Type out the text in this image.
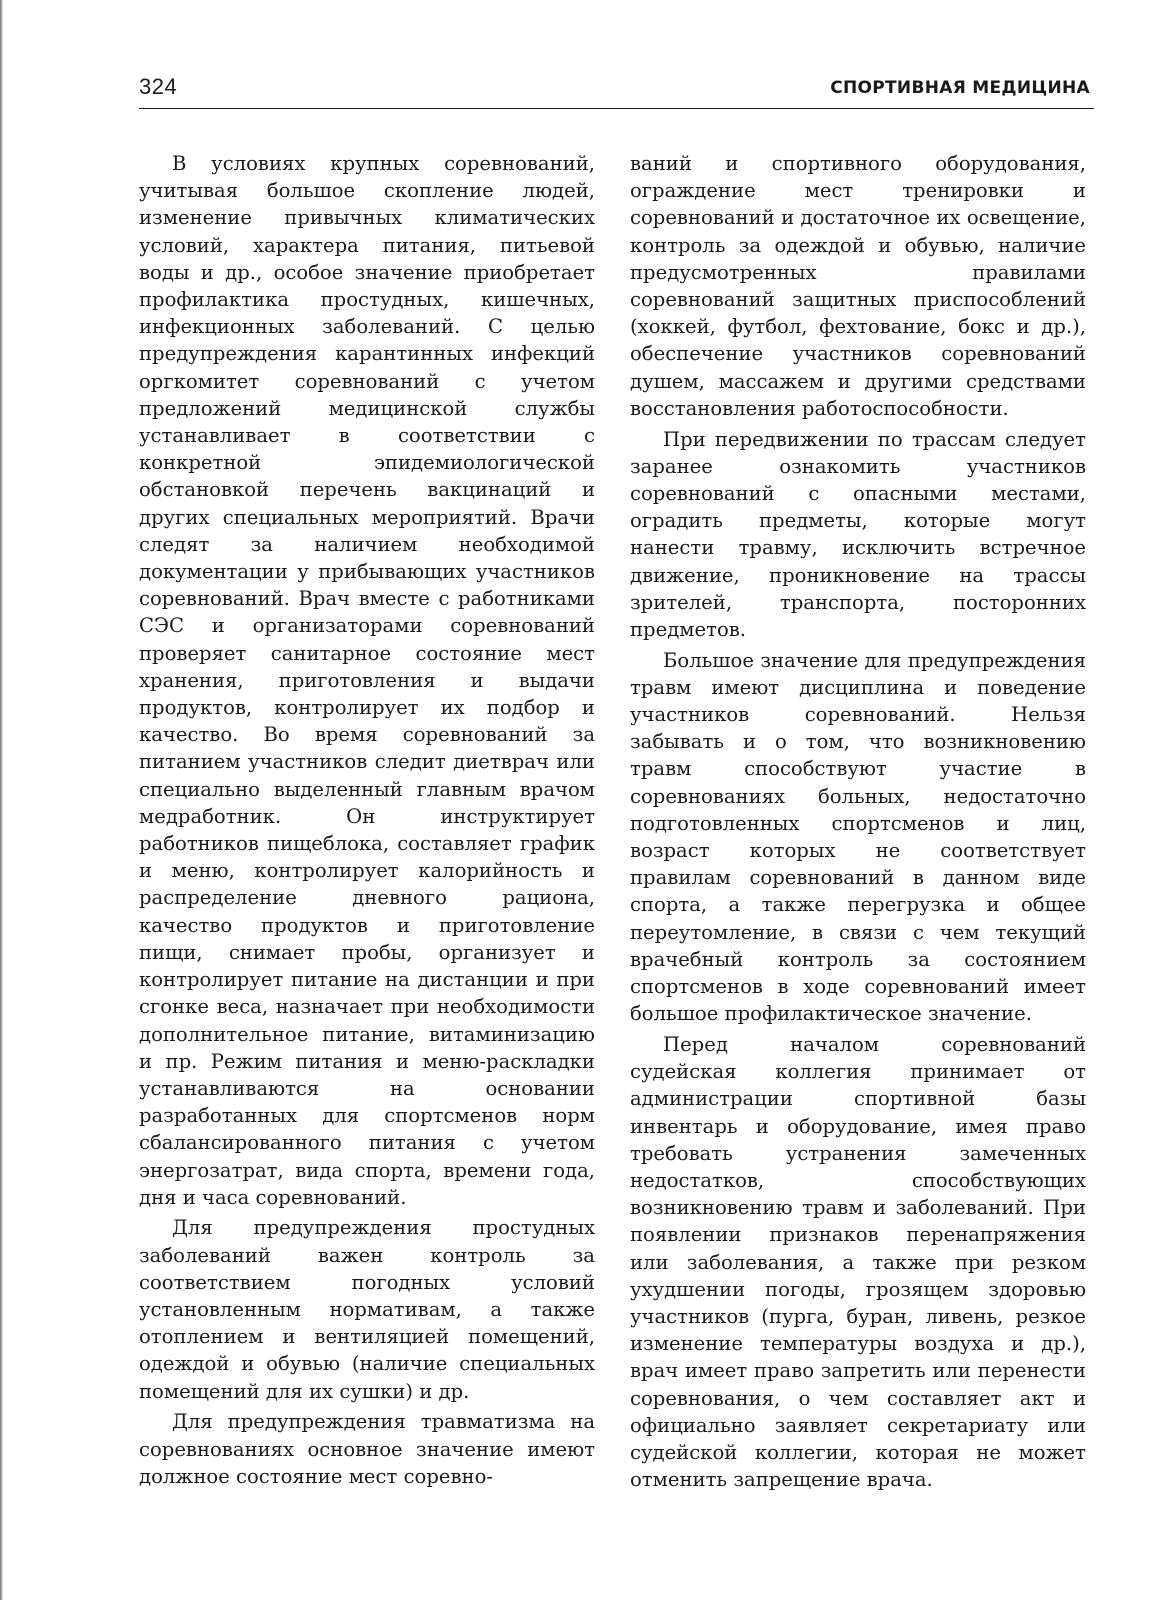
324	СПОРТИВНАЯ МЕДИЦИНА

В условиях крупных соревнований, учитывая большое скопление людей, изменение привычных климатических условий, характера питания, питьевой воды и др., особое значение приобретает профилактика простудных, кишечных, инфекционных заболеваний. С целью предупреждения карантинных инфекций оргкомитет соревнований с учетом предложений медицинской службы устанавливает в соответствии с конкретной эпидемиологической обстановкой перечень вакцинаций и других специальных мероприятий. Врачи следят за наличием необходимой документации у прибывающих участников соревнований. Врач вместе с работниками СЭС и организаторами соревнований проверяет санитарное состояние мест хранения, приготовления и выдачи продуктов, контролирует их подбор и качество. Во время соревнований за питанием участников следит диетврач или специально выделенный главным врачом медработник. Он инструктирует работников пищеблока, составляет график и меню, контролирует калорийность и распределение дневного рациона, качество продуктов и приготовление пищи, снимает пробы, организует и контролирует питание на дистанции и при сгонке веса, назначает при необходимости дополнительное питание, витаминизацию и пр. Режим питания и меню-раскладки устанавливаются на основании разработанных для спортсменов норм сбалансированного питания с учетом энергозатрат, вида спорта, времени года, дня и часа соревнований.

Для предупреждения простудных заболеваний важен контроль за соответствием погодных условий установленным нормативам, а также отоплением и вентиляцией помещений, одеждой и обувью (наличие специальных помещений для их сушки) и др.

Для предупреждения травматизма на соревнованиях основное значение имеют должное состояние мест соревно-

ваний и спортивного оборудования, ограждение мест тренировки и соревнований и достаточное их освещение, контроль за одеждой и обувью, наличие предусмотренных правилами соревнований защитных приспособлений (хоккей, футбол, фехтование, бокс и др.), обеспечение участников соревнований душем, массажем и другими средствами восстановления работоспособности.

При передвижении по трассам следует заранее ознакомить участников соревнований с опасными местами, оградить предметы, которые могут нанести травму, исключить встречное движение, проникновение на трассы зрителей, транспорта, посторонних предметов.

Большое значение для предупреждения травм имеют дисциплина и поведение участников соревнований. Нельзя забывать и о том, что возникновению травм способствуют участие в соревнованиях больных, недостаточно подготовленных спортсменов и лиц, возраст которых не соответствует правилам соревнований в данном виде спорта, а также перегрузка и общее переутомление, в связи с чем текущий врачебный контроль за состоянием спортсменов в ходе соревнований имеет большое профилактическое значение.

Перед началом соревнований судейская коллегия принимает от администрации спортивной базы инвентарь и оборудование, имея право требовать устранения замеченных недостатков, способствующих возникновению травм и заболеваний. При появлении признаков перенапряжения или заболевания, а также при резком ухудшении погоды, грозящем здоровью участников (пурга, буран, ливень, резкое изменение температуры воздуха и др.), врач имеет право запретить или перенести соревнования, о чем составляет акт и официально заявляет секретариату или судейской коллегии, которая не может отменить запрещение врача.
